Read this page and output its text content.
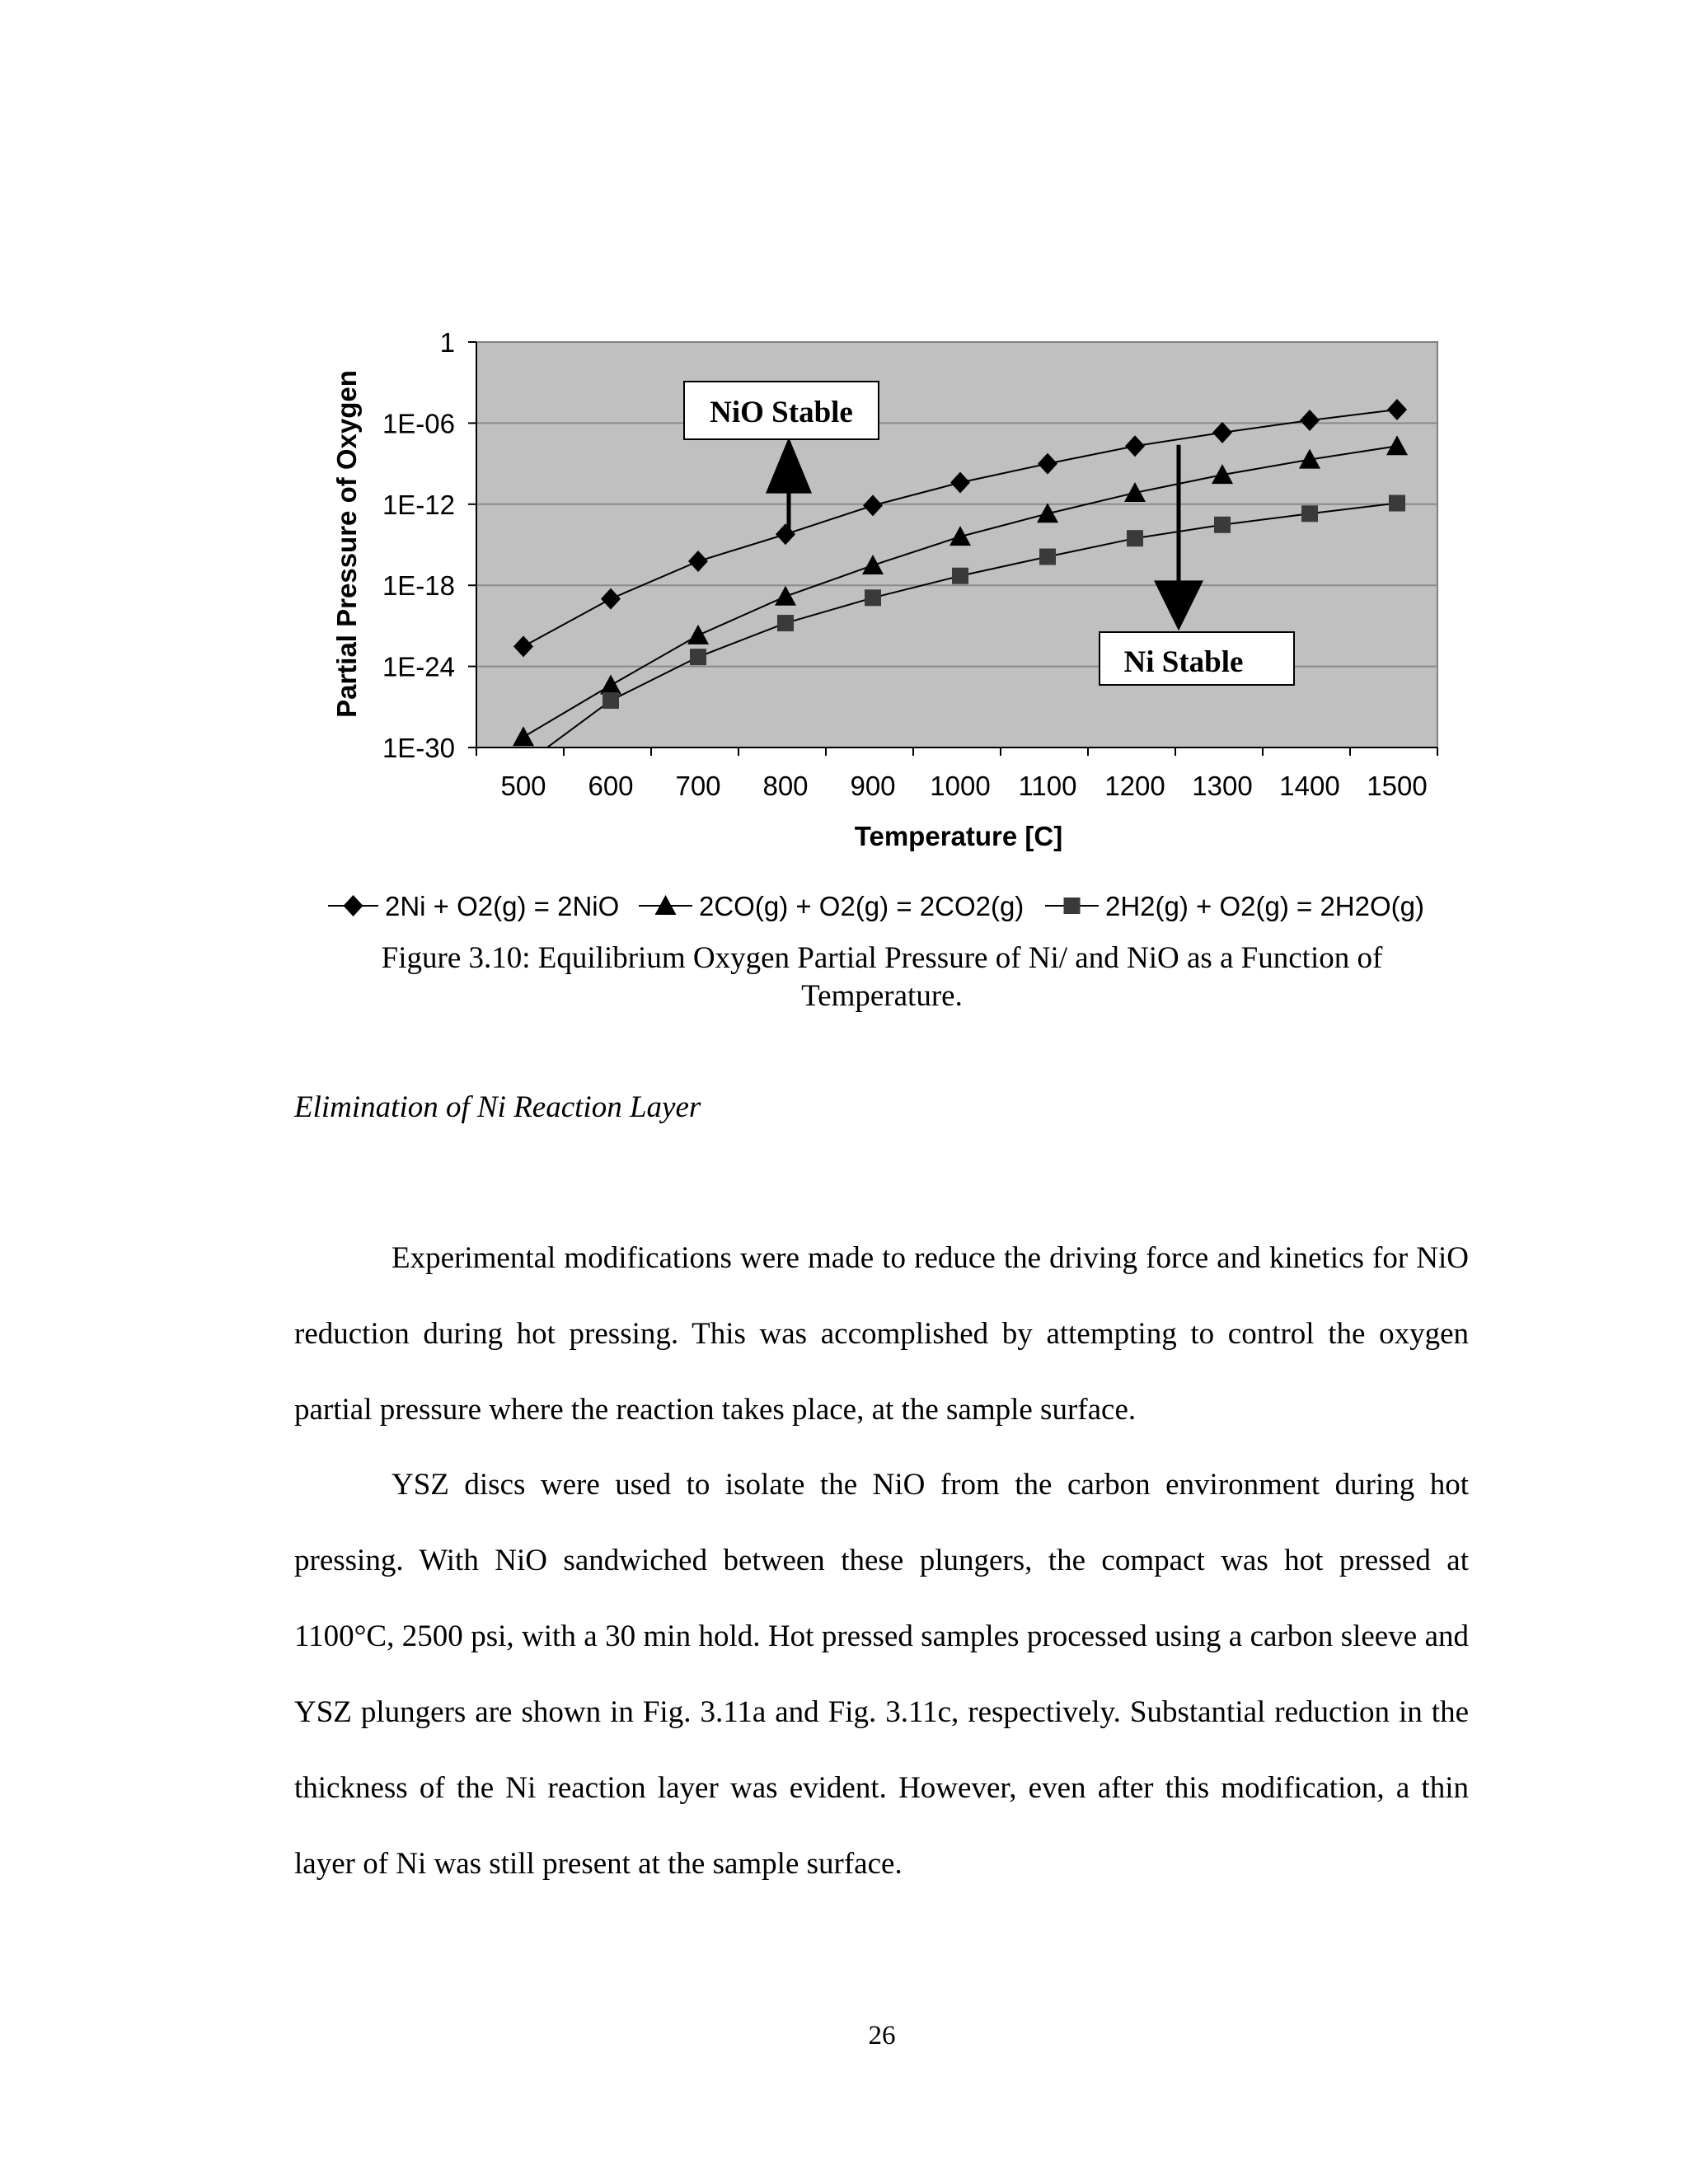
1
1E-06
1E-12
1E-18
1E-24
1E-30
500 600 700 800 900 1000 1100 1200 1300 1400 1500
NiO Stable
Ni Stable
Partial Pressure of Oxygen
Temperature [C]
2Ni + O2(g) = 2NiO	2CO(g) + O2(g) = 2CO2(g)	2H2(g) + O2(g) = 2H2O(g)
Figure 3.10: Equilibrium Oxygen Partial Pressure of Ni/ and NiO as a Function of Temperature.
Elimination of Ni Reaction Layer

Experimental modifications were made to reduce the driving force and kinetics for NiO reduction during hot pressing. This was accomplished by attempting to control the oxygen partial pressure where the reaction takes place, at the sample surface.

YSZ discs were used to isolate the NiO from the carbon environment during hot pressing. With NiO sandwiched between these plungers, the compact was hot pressed at 1100°C, 2500 psi, with a 30 min hold. Hot pressed samples processed using a carbon sleeve and YSZ plungers are shown in Fig. 3.11a and Fig. 3.11c, respectively. Substantial reduction in the thickness of the Ni reaction layer was evident. However, even after this modification, a thin layer of Ni was still present at the sample surface.

26
